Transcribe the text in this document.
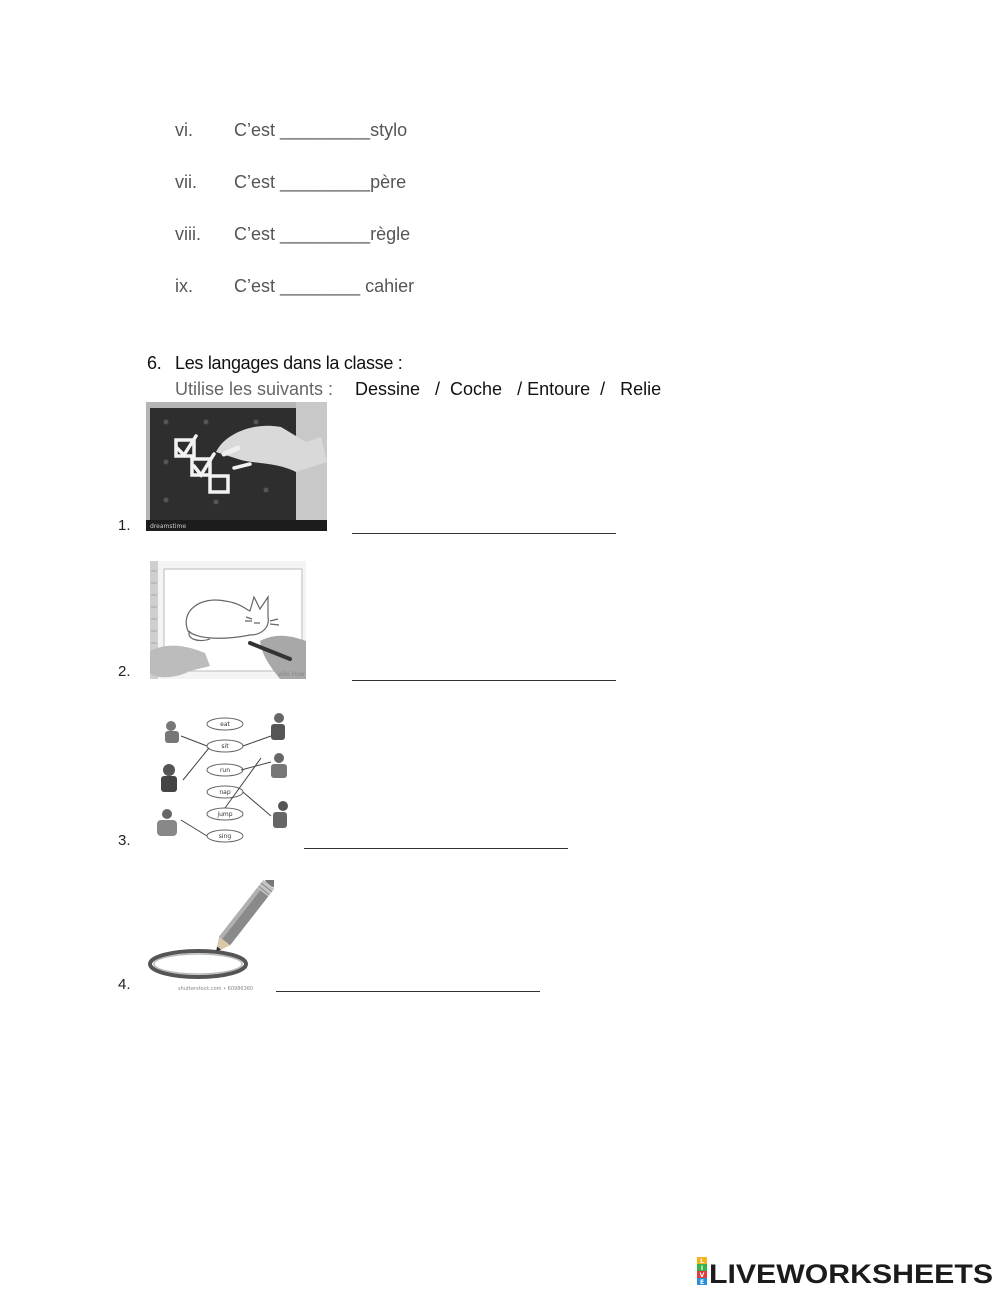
vi. C’est _________stylo
vii. C’est _________père
viii. C’est _________règle
ix. C’est ________ cahier
6. Les langages dans la classe :
Utilise les suivants : Dessine   /  Coche   / Entoure  /   Relie
1.	dreamstime
2.	wiki How
3.
eat
sit
run
nap
jump
sing
4.	shutterstock.com • 60986360
L
I
V
E LIVEWORKSHEETS
